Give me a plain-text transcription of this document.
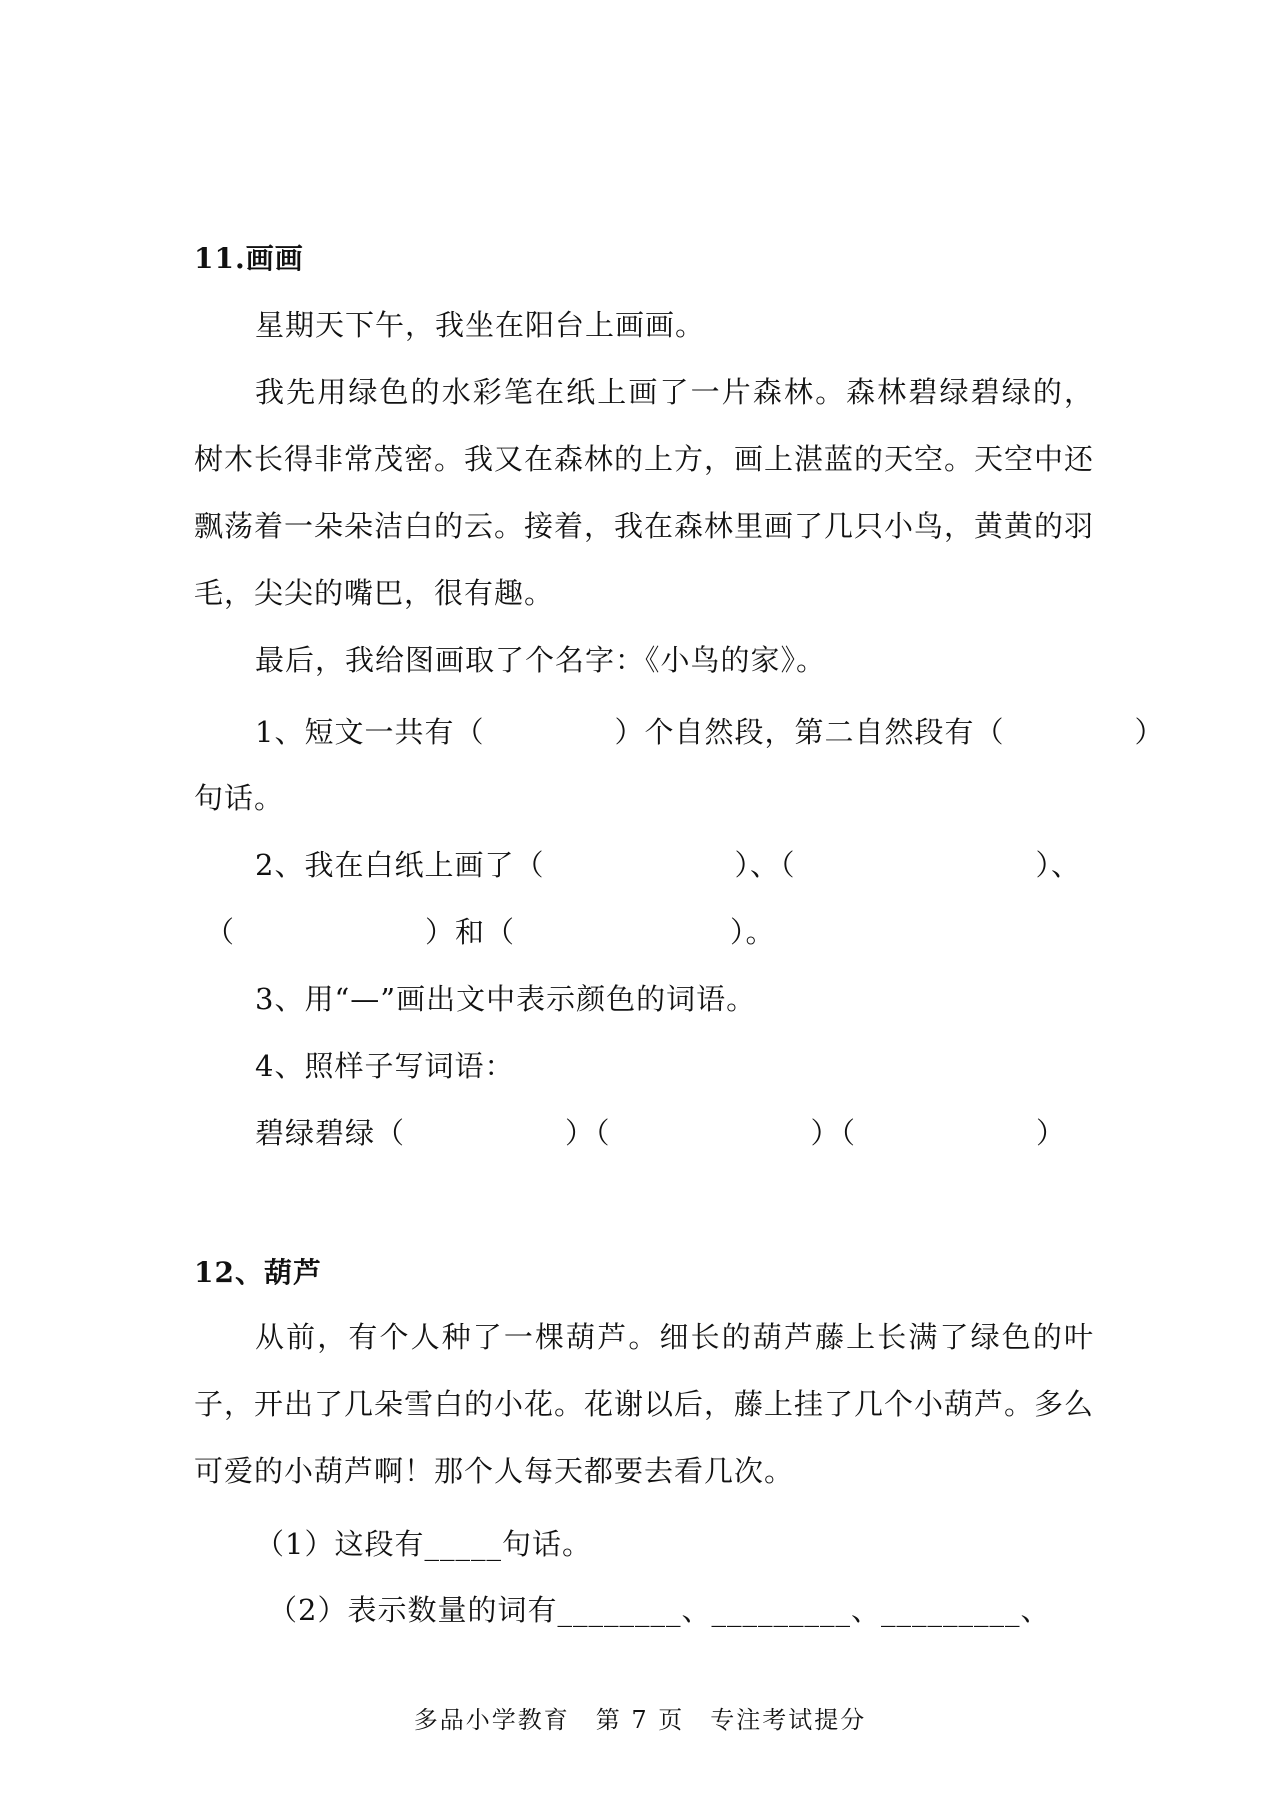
11.画画

星期天下午，我坐在阳台上画画。

我先用绿色的水彩笔在纸上画了一片森林。森林碧绿碧绿的，树木长得非常茂密。我又在森林的上方，画上湛蓝的天空。天空中还飘荡着一朵朵洁白的云。接着，我在森林里画了几只小鸟，黄黄的羽毛，尖尖的嘴巴，很有趣。

最后，我给图画取了个名字：《小鸟的家》。

1、短文一共有（	）个自然段，第二自然段有（	）
句话。
2、我在白纸上画了（	）、（	）、
（	）和（	）。
3、用“—”画出文中表示颜色的词语。
4、照样子写词语：
碧绿碧绿（	）（	）（	）
12、葫芦

从前，有个人种了一棵葫芦。细长的葫芦藤上长满了绿色的叶子，开出了几朵雪白的小花。花谢以后，藤上挂了几个小葫芦。多么可爱的小葫芦啊！那个人每天都要去看几次。

（1）这段有_____句话。
（2）表示数量的词有________、_________、_________、
多品小学教育　第 7 页　专注考试提分
